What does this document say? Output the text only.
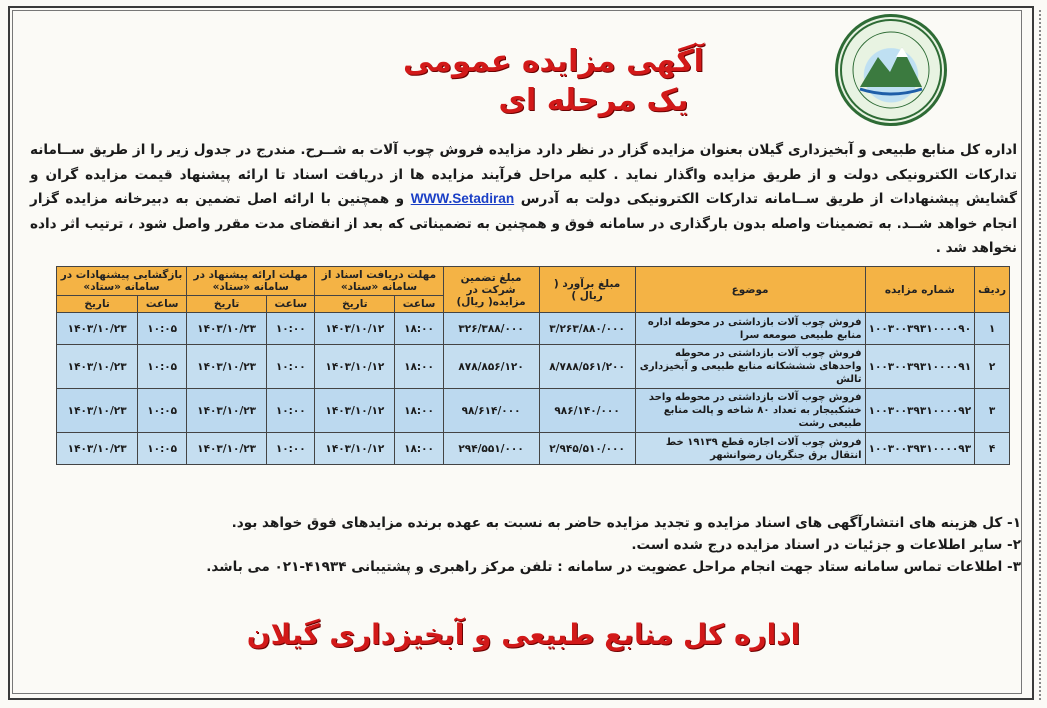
آگهی مزایده عمومی
یک مرحله ای
اداره کل منابع طبیعی و آبخیزداری گیلان بعنوان مزایده گزار در نظر دارد مزایده فروش چوب آلات به شــرح. مندرج در جدول زیر را از طریق ســامانه تدارکات الکترونیکی دولت و از طریق مزایده واگذار نماید . کلیه مراحل فرآیند مزایده ها از دریافت اسناد تا ارائه پیشنهاد قیمت مزایده گران و گشایش پیشنهادات از طریق ســامانه تدارکات الکترونیکی دولت به آدرس WWW.Setadiran و همچنین با ارائه اصل تضمین به دبیرخانه مزایده گزار انجام خواهد شــد. به تضمینات واصله بدون بارگذاری در سامانه فوق و همچنین به تضمیناتی که بعد از انقضای مدت مقرر واصل شود ، ترتیب اثر داده نخواهد شد .
ردیف	شماره مزایده	موضوع	مبلغ برآورد ( ریال )	مبلغ تضمین شرکت در مزایده( ریال)	مهلت دریافت اسناد از سامانه «ستاد»		مهلت ارائه پیشنهاد در سامانه «ستاد»		بازگشایی پیشنهادات در سامانه «ستاد»	
					ساعت	تاریخ	ساعت	تاریخ	ساعت	تاریخ
۱	۱۰۰۳۰۰۳۹۳۱۰۰۰۰۹۰	فروش چوب آلات بازداشتی در محوطه اداره منابع طبیعی صومعه سرا	۳/۲۶۳/۸۸۰/۰۰۰	۳۲۶/۳۸۸/۰۰۰	۱۸:۰۰	۱۴۰۳/۱۰/۱۲	۱۰:۰۰	۱۴۰۳/۱۰/۲۳	۱۰:۰۵	۱۴۰۳/۱۰/۲۳
۲	۱۰۰۳۰۰۳۹۳۱۰۰۰۰۹۱	فروش چوب آلات بازداشتی در محوطه واحدهای شششکانه منابع طبیعی و آبخیزداری تالش	۸/۷۸۸/۵۶۱/۲۰۰	۸۷۸/۸۵۶/۱۲۰	۱۸:۰۰	۱۴۰۳/۱۰/۱۲	۱۰:۰۰	۱۴۰۳/۱۰/۲۳	۱۰:۰۵	۱۴۰۳/۱۰/۲۳
۳	۱۰۰۳۰۰۳۹۳۱۰۰۰۰۹۲	فروش چوب آلات بازداشتی در محوطه واحد خشکبیجار به تعداد ۸۰ شاخه و پالت منابع طبیعی رشت	۹۸۶/۱۴۰/۰۰۰	۹۸/۶۱۴/۰۰۰	۱۸:۰۰	۱۴۰۳/۱۰/۱۲	۱۰:۰۰	۱۴۰۳/۱۰/۲۳	۱۰:۰۵	۱۴۰۳/۱۰/۲۳
۴	۱۰۰۳۰۰۳۹۳۱۰۰۰۰۹۳	فروش چوب آلات اجازه قطع ۱۹۱۳۹ خط انتقال برق جنگریان رضوانشهر	۲/۹۴۵/۵۱۰/۰۰۰	۲۹۴/۵۵۱/۰۰۰	۱۸:۰۰	۱۴۰۳/۱۰/۱۲	۱۰:۰۰	۱۴۰۳/۱۰/۲۳	۱۰:۰۵	۱۴۰۳/۱۰/۲۳
۱- کل هزینه های انتشارآگهی های اسناد مزایده و تجدید مزایده حاضر به نسبت به عهده برنده مزایدهای فوق خواهد بود.
۲- سایر اطلاعات و جزئیات در اسناد مزایده درج شده است.
۳- اطلاعات تماس سامانه ستاد جهت انجام مراحل عضویت در سامانه : تلفن مرکز راهبری و پشتیبانی ۴۱۹۳۴-۰۲۱ می باشد.
اداره کل منابع طبیعی و آبخیزداری گیلان
